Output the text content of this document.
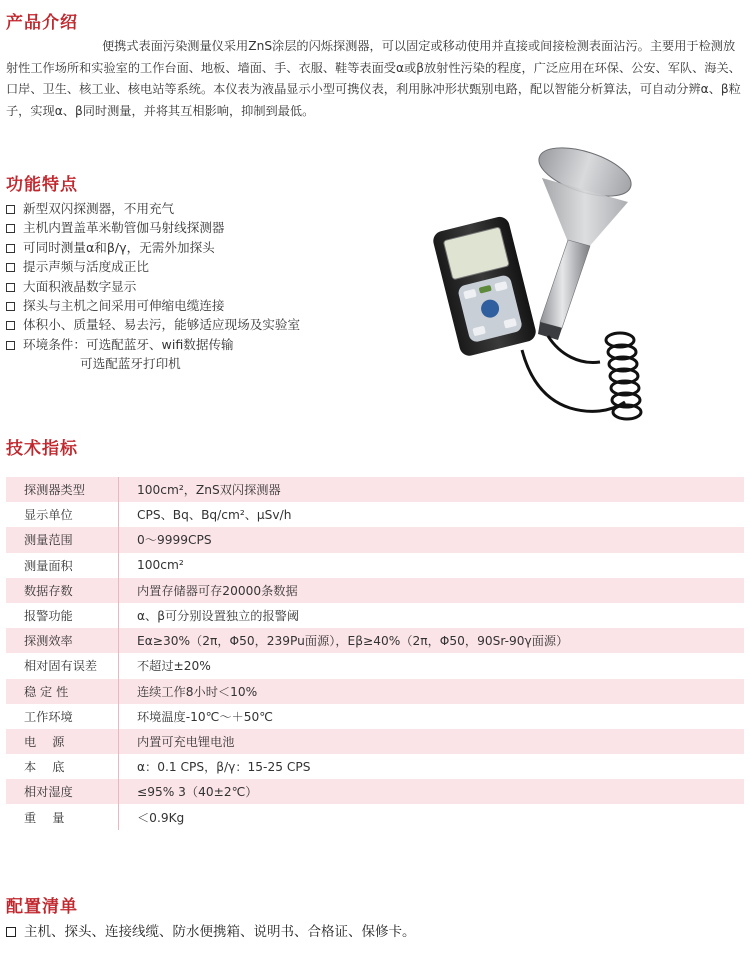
产品介绍
便携式表面污染测量仪采用ZnS涂层的闪烁探测器，可以固定或移动使用并直接或间接检测表面沾污。主要用于检测放射性工作场所和实验室的工作台面、地板、墙面、手、衣服、鞋等表面受α或β放射性污染的程度，广泛应用在环保、公安、军队、海关、口岸、卫生、核工业、核电站等系统。本仪表为液晶显示小型可携仪表，利用脉冲形状甄别电路，配以智能分析算法，可自动分辨α、β粒子，实现α、β同时测量，并将其互相影响，抑制到最低。
功能特点
新型双闪探测器，不用充气
主机内置盖革米勒管伽马射线探测器
可同时测量α和β/γ，无需外加探头
提示声频与活度成正比
大面积液晶数字显示
探头与主机之间采用可伸缩电缆连接
体积小、质量轻、易去污，能够适应现场及实验室
环境条件：可选配蓝牙、wifi数据传输
可选配蓝牙打印机
技术指标
探测器类型	100cm²，ZnS双闪探测器
显示单位	CPS、Bq、Bq/cm²、μSv/h
测量范围	0～9999CPS
测量面积	100cm²
数据存数	内置存储器可存20000条数据
报警功能	α、β可分别设置独立的报警阈
探测效率	Eα≥30%（2π，Φ50，239Pu面源），Eβ≥40%（2π，Φ50，90Sr-90γ面源）
相对固有误差	不超过±20%
稳 定 性	连续工作8小时＜10%
工作环境	环境温度-10℃～＋50℃
电　 源	内置可充电锂电池
本　 底	α：0.1 CPS，β/γ：15-25 CPS
相对湿度	≤95% 3（40±2℃）
重　 量	＜0.9Kg
配置清单
主机、探头、连接线缆、防水便携箱、说明书、合格证、保修卡。
